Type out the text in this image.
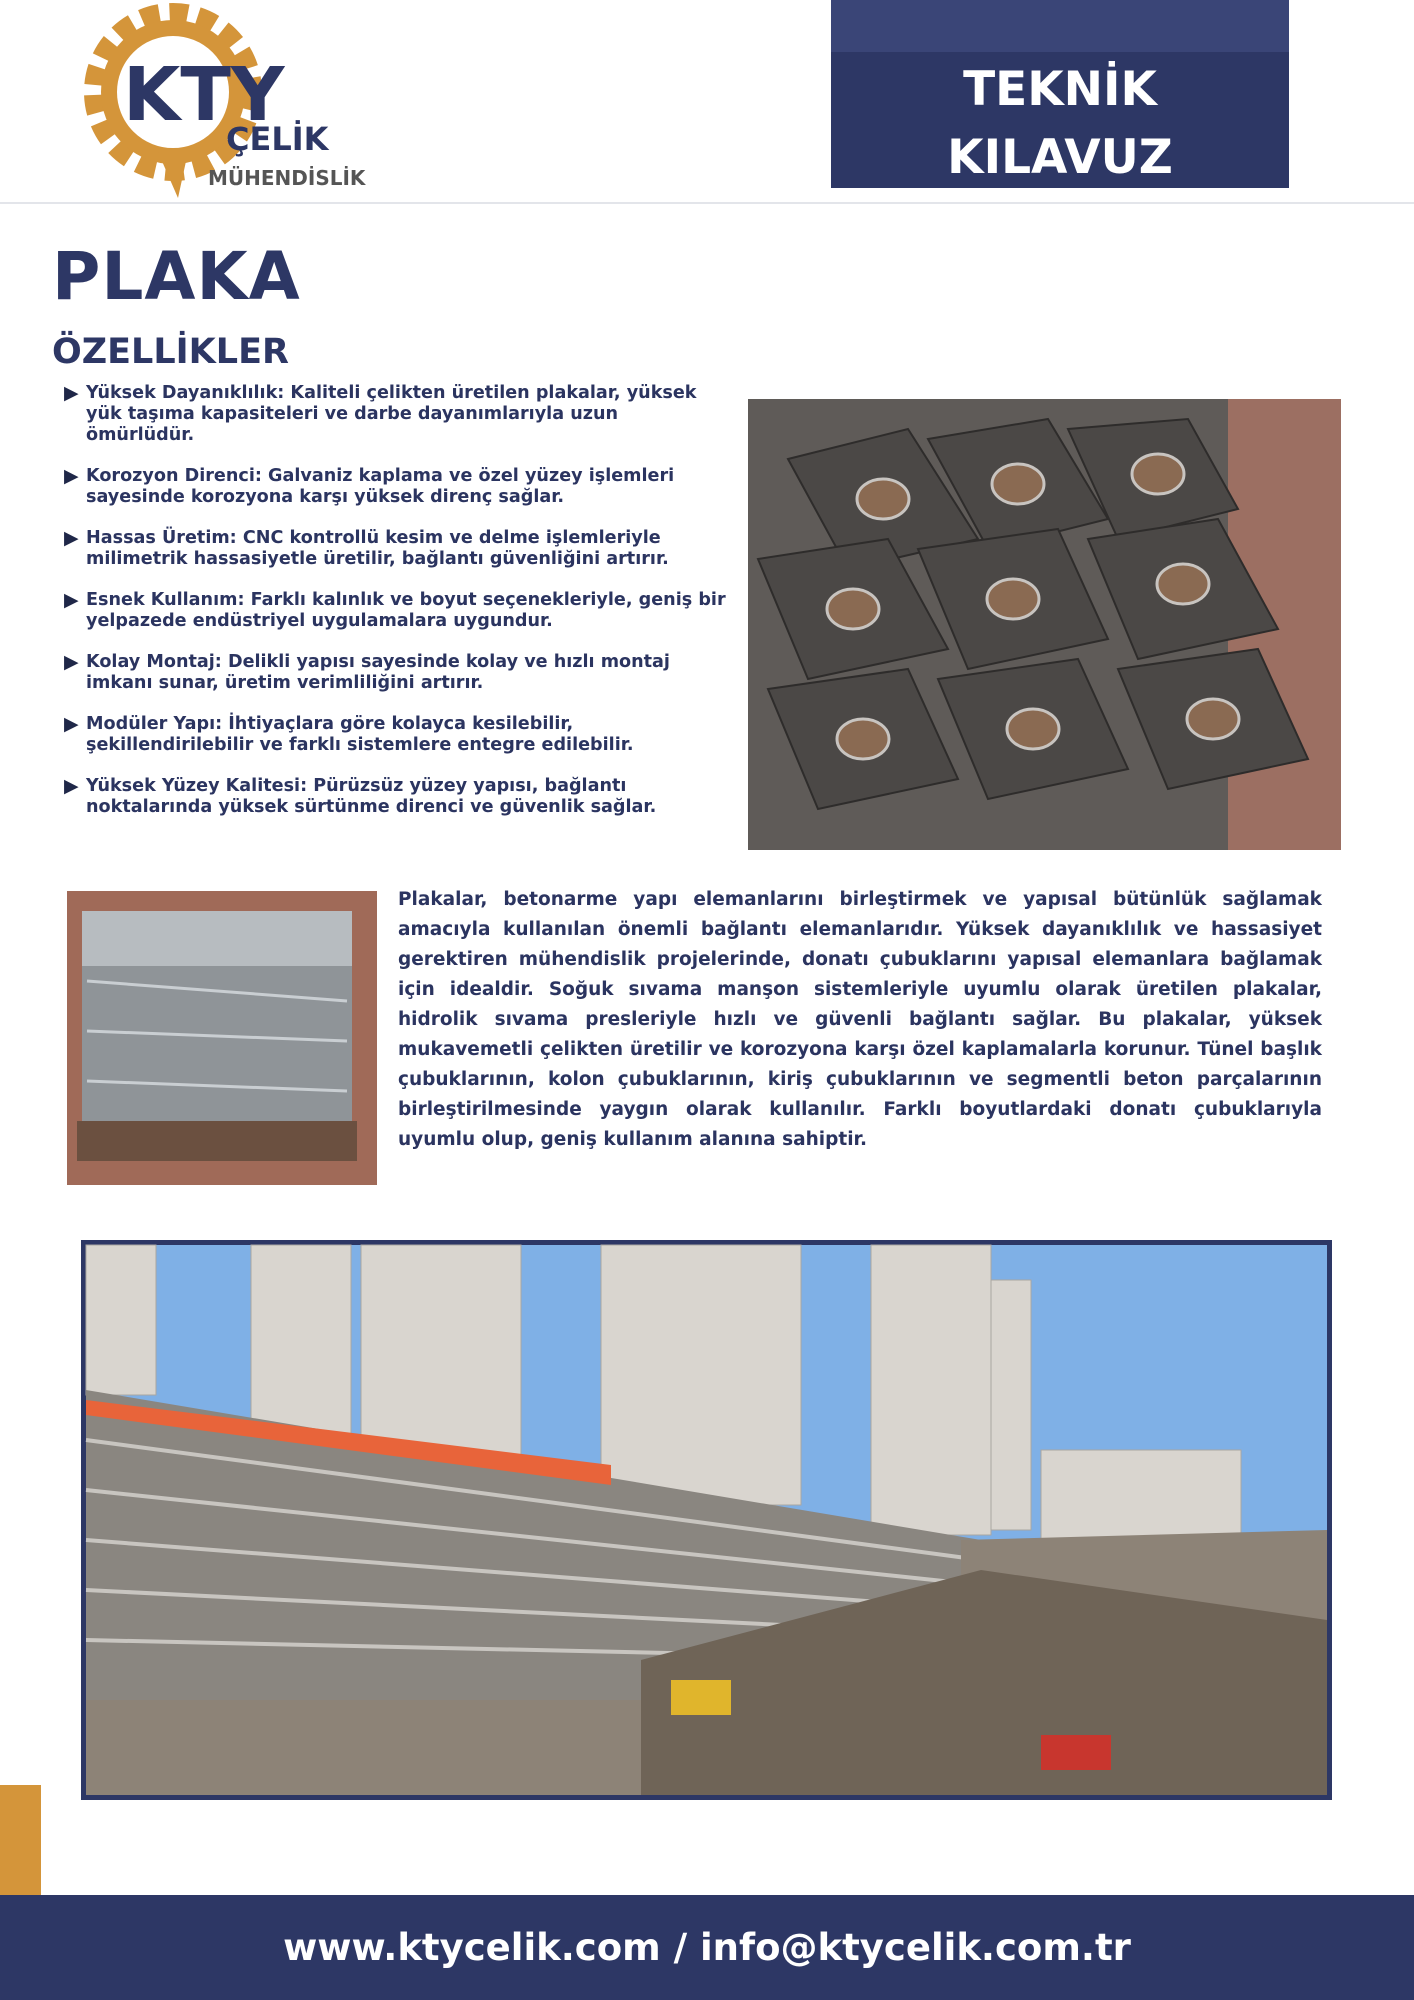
KTY
ÇELİK
MÜHENDİSLİK
TEKNİK
KILAVUZ
PLAKA
ÖZELLİKLER
▶ Yüksek Dayanıklılık: Kaliteli çelikten üretilen plakalar, yüksek yük taşıma kapasiteleri ve darbe dayanımlarıyla uzun ömürlüdür.
▶ Korozyon Direnci: Galvaniz kaplama ve özel yüzey işlemleri sayesinde korozyona karşı yüksek direnç sağlar.
▶ Hassas Üretim: CNC kontrollü kesim ve delme işlemleriyle milimetrik hassasiyetle üretilir, bağlantı güvenliğini artırır.
▶ Esnek Kullanım: Farklı kalınlık ve boyut seçenekleriyle, geniş bir yelpazede endüstriyel uygulamalara uygundur.
▶ Kolay Montaj: Delikli yapısı sayesinde kolay ve hızlı montaj imkanı sunar, üretim verimliliğini artırır.
▶ Modüler Yapı: İhtiyaçlara göre kolayca kesilebilir, şekillendirilebilir ve farklı sistemlere entegre edilebilir.
▶ Yüksek Yüzey Kalitesi: Pürüzsüz yüzey yapısı, bağlantı noktalarında yüksek sürtünme direnci ve güvenlik sağlar.

Plakalar, betonarme yapı elemanlarını birleştirmek ve yapısal bütünlük sağlamak amacıyla kullanılan önemli bağlantı elemanlarıdır. Yüksek dayanıklılık ve hassasiyet gerektiren mühendislik projelerinde, donatı çubuklarını yapısal elemanlara bağlamak için idealdir. Soğuk sıvama manşon sistemleriyle uyumlu olarak üretilen plakalar, hidrolik sıvama presleriyle hızlı ve güvenli bağlantı sağlar. Bu plakalar, yüksek mukavemetli çelikten üretilir ve korozyona karşı özel kaplamalarla korunur. Tünel başlık çubuklarının, kolon çubuklarının, kiriş çubuklarının ve segmentli beton parçalarının birleştirilmesinde yaygın olarak kullanılır. Farklı boyutlardaki donatı çubuklarıyla uyumlu olup, geniş kullanım alanına sahiptir.

www.ktycelik.com / info@ktycelik.com.tr
